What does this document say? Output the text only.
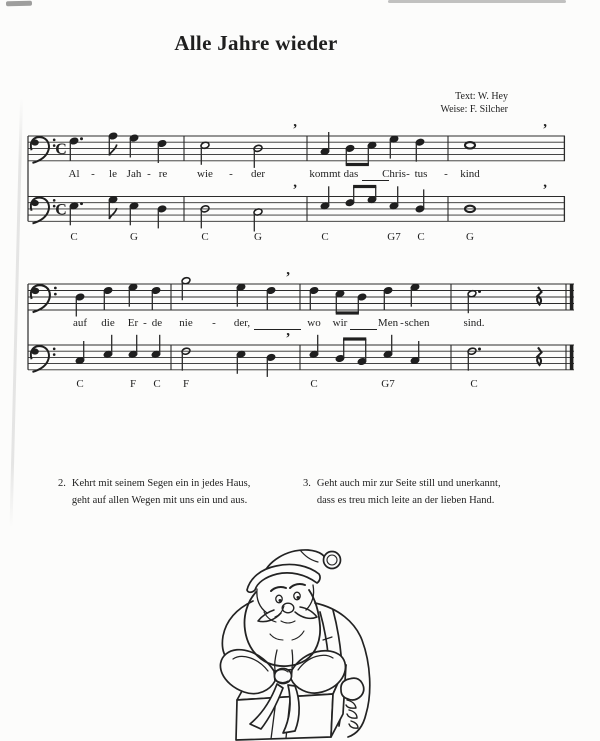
Alle Jahre wieder
Text: W. Hey
Weise: F. Silcher
C
’	’
C
’	’
’
’
Al - le Jah - re	wie - der	kommt das Chris - tus - kind
auf die Er - de nie - der,	wo wir	Men - schen	sind.
C	G	C	G	C	G7 C	G
C	F C F	C	G7	C
2. Kehrt mit seinem Segen ein in jedes Haus,
geht auf allen Wegen mit uns ein und aus.
3. Geht auch mir zur Seite still und unerkannt,
dass es treu mich leite an der lieben Hand.
